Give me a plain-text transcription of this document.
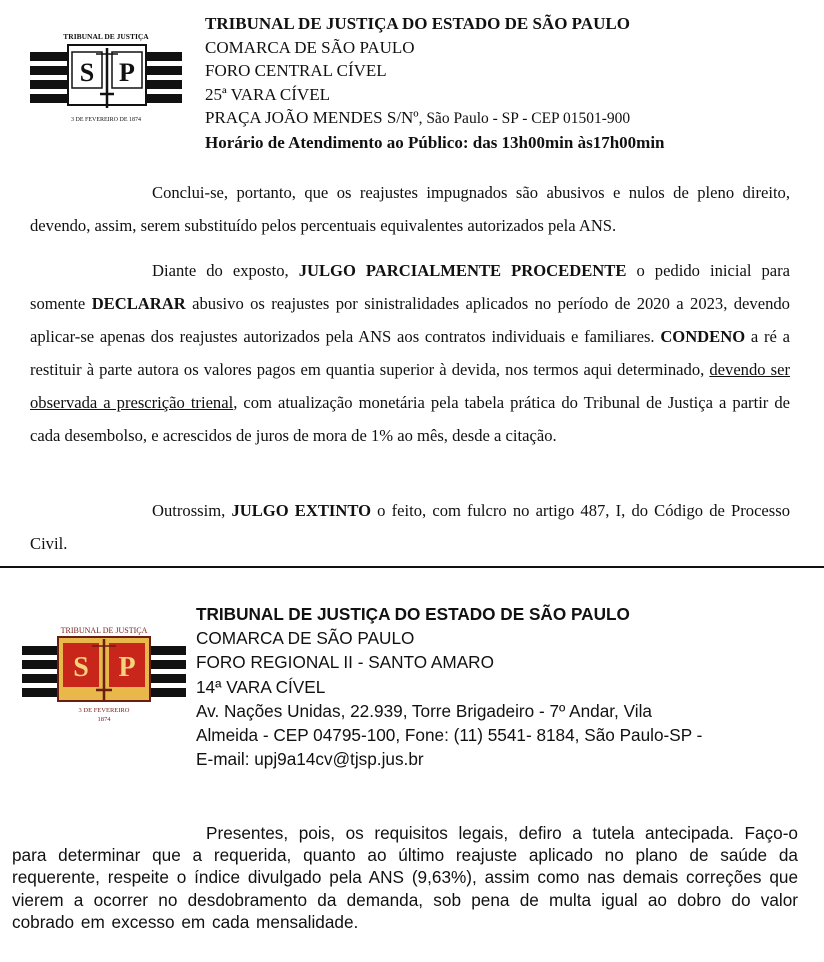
TRIBUNAL DE JUSTIÇA
S P
3 DE FEVEREIRO DE 1874
TRIBUNAL DE JUSTIÇA DO ESTADO DE SÃO PAULO
COMARCA DE SÃO PAULO
FORO CENTRAL CÍVEL
25ª VARA CÍVEL
PRAÇA JOÃO MENDES S/Nº, São Paulo - SP - CEP 01501-900
Horário de Atendimento ao Público: das 13h00min às17h00min

Conclui-se, portanto, que os reajustes impugnados são abusivos e nulos de pleno direito, devendo, assim, serem substituído pelos percentuais equivalentes autorizados pela ANS.

Diante do exposto, JULGO PARCIALMENTE PROCEDENTE o pedido inicial para somente DECLARAR abusivo os reajustes por sinistralidades aplicados no período de 2020 a 2023, devendo aplicar-se apenas dos reajustes autorizados pela ANS aos contratos individuais e familiares. CONDENO a ré a restituir à parte autora os valores pagos em quantia superior à devida, nos termos aqui determinado, devendo ser observada a prescrição trienal, com atualização monetária pela tabela prática do Tribunal de Justiça a partir de cada desembolso, e acrescidos de juros de mora de 1% ao mês, desde a citação.

Outrossim, JULGO EXTINTO o feito, com fulcro no artigo 487, I, do Código de Processo Civil.

TRIBUNAL DE JUSTIÇA
S P
3 DE FEVEREIRO
1874
TRIBUNAL DE JUSTIÇA DO ESTADO DE SÃO PAULO
COMARCA DE SÃO PAULO
FORO REGIONAL II - SANTO AMARO
14ª VARA CÍVEL
Av. Nações Unidas, 22.939, Torre Brigadeiro - 7º Andar, Vila
Almeida - CEP 04795-100, Fone: (11) 5541- 8184, São Paulo-SP -
E-mail: upj9a14cv@tjsp.jus.br

Presentes, pois, os requisitos legais, defiro a tutela antecipada. Faço-o para determinar que a requerida, quanto ao último reajuste aplicado no plano de saúde da requerente, respeite o índice divulgado pela ANS (9,63%), assim como nas demais correções que vierem a ocorrer no desdobramento da demanda, sob pena de multa igual ao dobro do valor cobrado em excesso em cada mensalidade.
